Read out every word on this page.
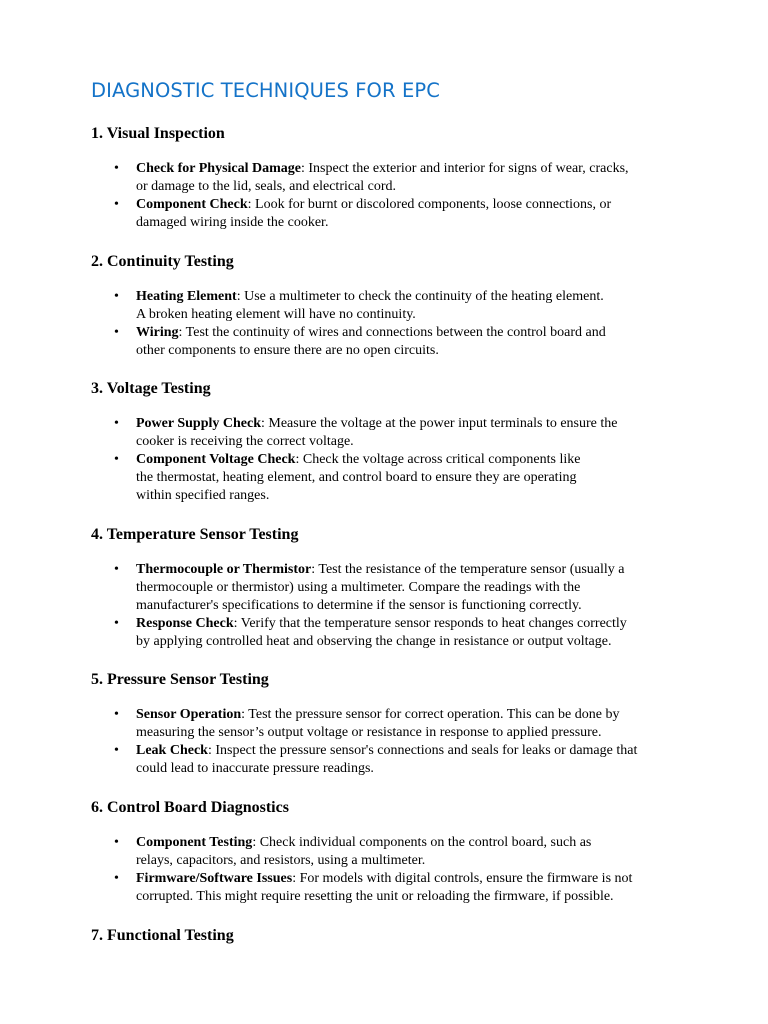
DIAGNOSTIC TECHNIQUES FOR EPC
1. Visual Inspection
• Check for Physical Damage: Inspect the exterior and interior for signs of wear, cracks,
or damage to the lid, seals, and electrical cord.
• Component Check: Look for burnt or discolored components, loose connections, or
damaged wiring inside the cooker.
2. Continuity Testing
• Heating Element: Use a multimeter to check the continuity of the heating element.
A broken heating element will have no continuity.
• Wiring: Test the continuity of wires and connections between the control board and
other components to ensure there are no open circuits.
3. Voltage Testing
• Power Supply Check: Measure the voltage at the power input terminals to ensure the
cooker is receiving the correct voltage.
• Component Voltage Check: Check the voltage across critical components like
the thermostat, heating element, and control board to ensure they are operating
within specified ranges.
4. Temperature Sensor Testing
• Thermocouple or Thermistor: Test the resistance of the temperature sensor (usually a
thermocouple or thermistor) using a multimeter. Compare the readings with the
manufacturer's specifications to determine if the sensor is functioning correctly.
• Response Check: Verify that the temperature sensor responds to heat changes correctly
by applying controlled heat and observing the change in resistance or output voltage.
5. Pressure Sensor Testing
• Sensor Operation: Test the pressure sensor for correct operation. This can be done by
measuring the sensor’s output voltage or resistance in response to applied pressure.
• Leak Check: Inspect the pressure sensor's connections and seals for leaks or damage that
could lead to inaccurate pressure readings.
6. Control Board Diagnostics
• Component Testing: Check individual components on the control board, such as
relays, capacitors, and resistors, using a multimeter.
• Firmware/Software Issues: For models with digital controls, ensure the firmware is not
corrupted. This might require resetting the unit or reloading the firmware, if possible.
7. Functional Testing
